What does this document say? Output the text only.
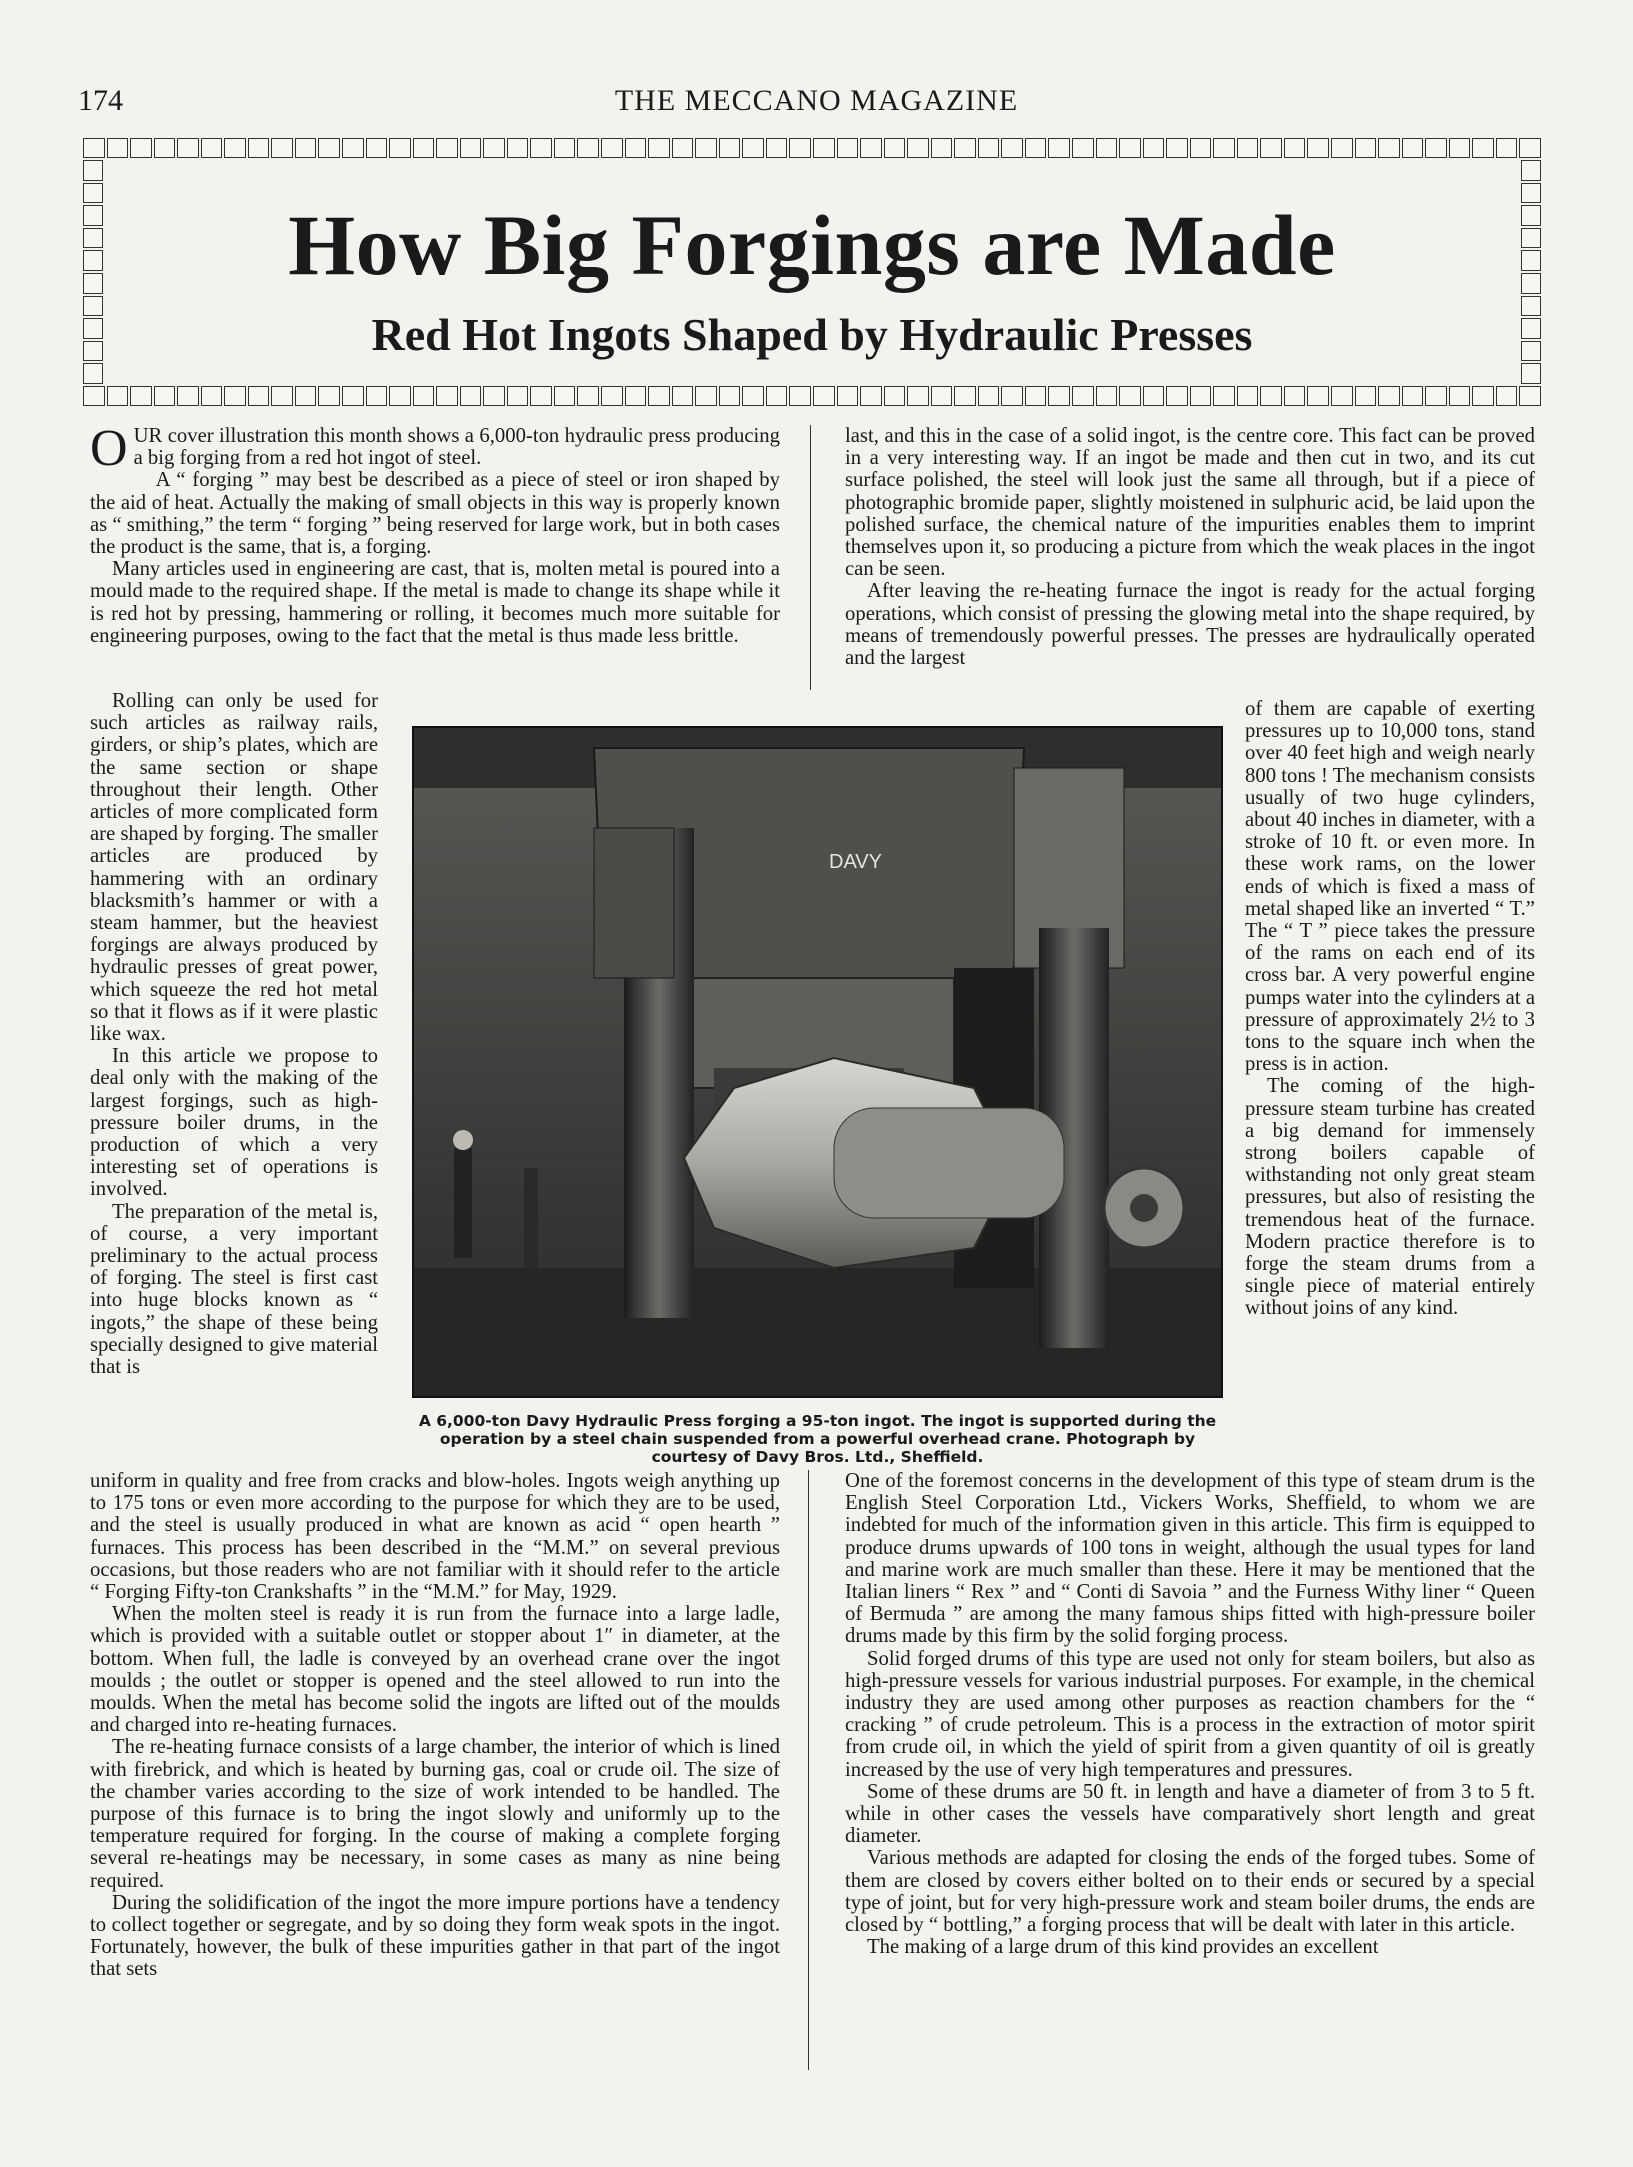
174	THE MECCANO MAGAZINE
How Big Forgings are Made
Red Hot Ingots Shaped by Hydraulic Presses

OUR cover illustration this month shows a 6,000-ton hydraulic press producing a big forging from a red hot ingot of steel.

A “ forging ” may best be described as a piece of steel or iron shaped by the aid of heat. Actually the making of small objects in this way is properly known as “ smithing,” the term “ forging ” being reserved for large work, but in both cases the product is the same, that is, a forging.

Many articles used in engineering are cast, that is, molten metal is poured into a mould made to the required shape. If the metal is made to change its shape while it is red hot by pressing, hammering or rolling, it becomes much more suitable for engineering purposes, owing to the fact that the metal is thus made less brittle.

Rolling can only be used for such articles as railway rails, girders, or ship’s plates, which are the same section or shape throughout their length. Other articles of more complicated form are shaped by forging. The smaller articles are produced by hammering with an ordinary blacksmith’s hammer or with a steam hammer, but the heaviest forgings are always produced by hydraulic presses of great power, which squeeze the red hot metal so that it flows as if it were plastic like wax.

In this article we propose to deal only with the making of the largest forgings, such as high-pressure boiler drums, in the production of which a very interesting set of operations is involved.

The preparation of the metal is, of course, a very important preliminary to the actual process of forging. The steel is first cast into huge blocks known as “ ingots,” the shape of these being specially designed to give material that is

uniform in quality and free from cracks and blow-holes. Ingots weigh anything up to 175 tons or even more according to the purpose for which they are to be used, and the steel is usually produced in what are known as acid “ open hearth ” furnaces. This process has been described in the “M.M.” on several previous occasions, but those readers who are not familiar with it should refer to the article “ Forging Fifty-ton Crankshafts ” in the “M.M.” for May, 1929.

When the molten steel is ready it is run from the furnace into a large ladle, which is provided with a suitable outlet or stopper about 1″ in diameter, at the bottom. When full, the ladle is conveyed by an overhead crane over the ingot moulds ; the outlet or stopper is opened and the steel allowed to run into the moulds. When the metal has become solid the ingots are lifted out of the moulds and charged into re-heating furnaces.

The re-heating furnace consists of a large chamber, the interior of which is lined with firebrick, and which is heated by burning gas, coal or crude oil. The size of the chamber varies according to the size of work intended to be handled. The purpose of this furnace is to bring the ingot slowly and uniformly up to the temperature required for forging. In the course of making a complete forging several re-heatings may be necessary, in some cases as many as nine being required.

During the solidification of the ingot the more impure portions have a tendency to collect together or segregate, and by so doing they form weak spots in the ingot. Fortunately, however, the bulk of these impurities gather in that part of the ingot that sets

last, and this in the case of a solid ingot, is the centre core. This fact can be proved in a very interesting way. If an ingot be made and then cut in two, and its cut surface polished, the steel will look just the same all through, but if a piece of photographic bromide paper, slightly moistened in sulphuric acid, be laid upon the polished surface, the chemical nature of the impurities enables them to imprint themselves upon it, so producing a picture from which the weak places in the ingot can be seen.

After leaving the re-heating furnace the ingot is ready for the actual forging operations, which consist of pressing the glowing metal into the shape required, by means of tremendously powerful presses. The presses are hydraulically operated and the largest

of them are capable of exerting pressures up to 10,000 tons, stand over 40 feet high and weigh nearly 800 tons ! The mechanism consists usually of two huge cylinders, about 40 inches in diameter, with a stroke of 10 ft. or even more. In these work rams, on the lower ends of which is fixed a mass of metal shaped like an inverted “ T.” The “ T ” piece takes the pressure of the rams on each end of its cross bar. A very powerful engine pumps water into the cylinders at a pressure of approximately 2½ to 3 tons to the square inch when the press is in action.

The coming of the high-pressure steam turbine has created a big demand for immensely strong boilers capable of withstanding not only great steam pressures, but also of resisting the tremendous heat of the furnace. Modern practice therefore is to forge the steam drums from a single piece of material entirely without joins of any kind.

One of the foremost concerns in the development of this type of steam drum is the English Steel Corporation Ltd., Vickers Works, Sheffield, to whom we are indebted for much of the information given in this article. This firm is equipped to produce drums upwards of 100 tons in weight, although the usual types for land and marine work are much smaller than these. Here it may be mentioned that the Italian liners “ Rex ” and “ Conti di Savoia ” and the Furness Withy liner “ Queen of Bermuda ” are among the many famous ships fitted with high-pressure boiler drums made by this firm by the solid forging process.

Solid forged drums of this type are used not only for steam boilers, but also as high-pressure vessels for various industrial purposes. For example, in the chemical industry they are used among other purposes as reaction chambers for the “ cracking ” of crude petroleum. This is a process in the extraction of motor spirit from crude oil, in which the yield of spirit from a given quantity of oil is greatly increased by the use of very high temperatures and pressures.

Some of these drums are 50 ft. in length and have a diameter of from 3 to 5 ft. while in other cases the vessels have comparatively short length and great diameter.

Various methods are adapted for closing the ends of the forged tubes. Some of them are closed by covers either bolted on to their ends or secured by a special type of joint, but for very high-pressure work and steam boiler drums, the ends are closed by “ bottling,” a forging process that will be dealt with later in this article.

The making of a large drum of this kind provides an excellent

DAVY
A 6,000-ton Davy Hydraulic Press forging a 95-ton ingot. The ingot is supported during the operation by a steel chain suspended from a powerful overhead crane. Photograph by courtesy of Davy Bros. Ltd., Sheffield.
